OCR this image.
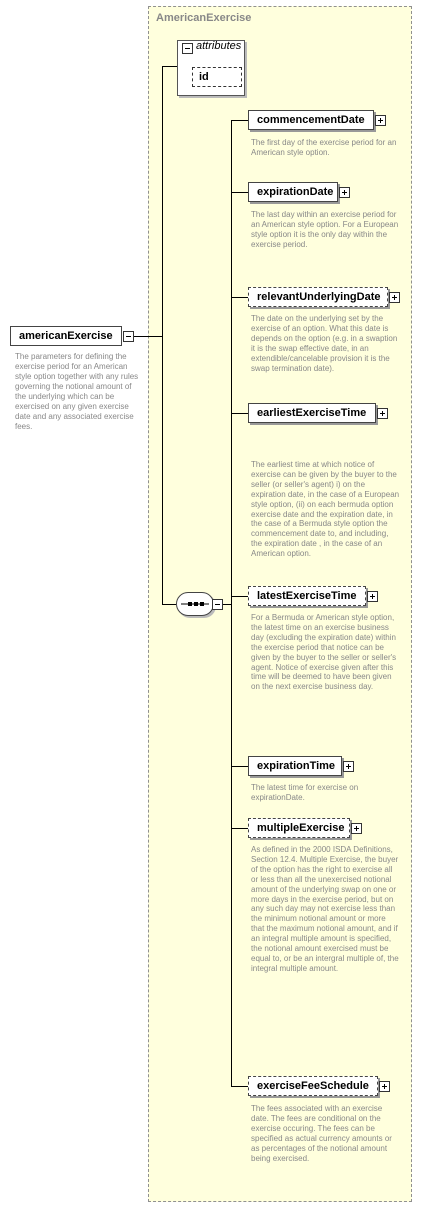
AmericanExercise
attributes
id
americanExercise
The parameters for defining the exercise period for an American style option together with any rules governing the notional amount of the underlying which can be exercised on any given exercise date and any associated exercise fees.
commencementDate
The first day of the exercise period for an American style option.
expirationDate
The last day within an exercise period for an American style option. For a European style option it is the only day within the exercise period.
relevantUnderlyingDate
The date on the underlying set by the exercise of an option. What this date is depends on the option (e.g. in a swaption it is the swap effective date, in an extendible/cancelable provision it is the swap termination date).
earliestExerciseTime
The earliest time at which notice of exercise can be given by the buyer to the seller (or seller's agent) i) on the expiration date, in the case of a European style option, (ii) on each bermuda option exercise date and the expiration date, in the case of a Bermuda style option the commencement date to, and including, the expiration date , in the case of an American option.
latestExerciseTime
For a Bermuda or American style option, the latest time on an exercise business day (excluding the expiration date) within the exercise period that notice can be given by the buyer to the seller or seller's agent. Notice of exercise given after this time will be deemed to have been given on the next exercise business day.
expirationTime
The latest time for exercise on expirationDate.
multipleExercise
As defined in the 2000 ISDA Definitions, Section 12.4. Multiple Exercise, the buyer of the option has the right to exercise all or less than all the unexercised notional amount of the underlying swap on one or more days in the exercise period, but on any such day may not exercise less than the minimum notional amount or more that the maximum notional amount, and if an integral multiple amount is specified, the notional amount exercised must be equal to, or be an intergral multiple of, the integral multiple amount.
exerciseFeeSchedule
The fees associated with an exercise date. The fees are conditional on the exercise occuring. The fees can be specified as actual currency amounts or as percentages of the notional amount being exercised.
